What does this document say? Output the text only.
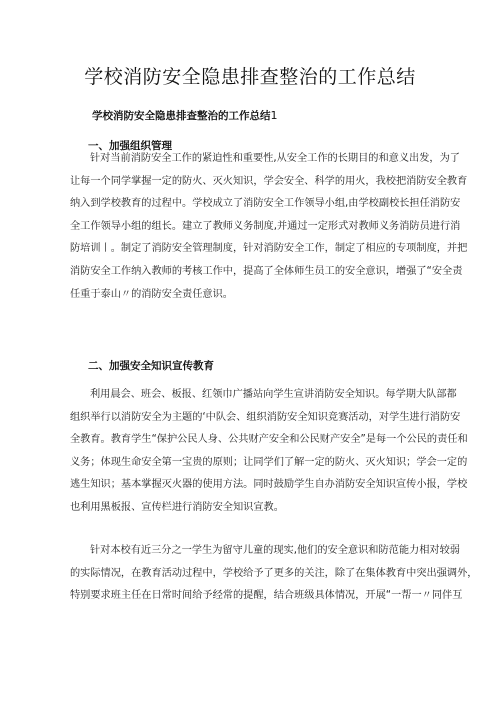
学校消防安全隐患排查整治的工作总结

学校消防安全隐患排查整治的工作总结1

一、加强组织管理
针对当前消防安全工作的紧迫性和重要性,从安全工作的长期目的和意义出发，为了
让每一个同学掌握一定的防火、灭火知识，学会安全、科学的用火，我校把消防安全教育
纳入到学校教育的过程中。学校成立了消防安全工作领导小组,由学校副校长担任消防安
全工作领导小组的组长。建立了教师义务制度,并通过一定形式对教师义务消防员进行消
防培训丨。制定了消防安全管理制度，针对消防安全工作，制定了相应的专项制度，并把
消防安全工作纳入教师的考核工作中，提高了全体师生员工的安全意识，增强了“安全责
任重于泰山〃的消防安全责任意识。
二、加强安全知识宣传教育
利用晨会、班会、板报、红领巾广播站向学生宣讲消防安全知识。每学期大队部都
组织举行以消防安全为主题的‘中队会、组织消防安全知识竞赛活动，对学生进行消防安
全教育。教育学生“保护公民人身、公共财产安全和公民财产安全”是每一个公民的责任和
义务；体现生命安全第一宝贵的原则；让同学们了解一定的防火、灭火知识；学会一定的
逃生知识；基本掌握灭火器的使用方法。同时鼓励学生自办消防安全知识宣传小报，学校
也利用黑板报、宣传栏进行消防安全知识宣教。
针对本校有近三分之一学生为留守儿童的现实,他们的安全意识和防范能力相对较弱
的实际情况，在教育活动过程中，学校给予了更多的关注，除了在集体教育中突出强调外，
特别要求班主任在日常时间给予经常的提醒，结合班级具体情况，开展“一帮一〃同伴互
